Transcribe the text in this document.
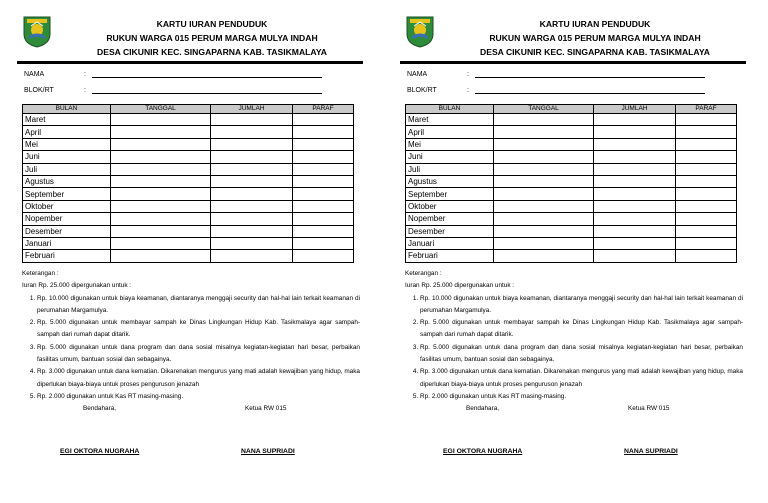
KARTU IURAN PENDUDUK
RUKUN WARGA 015 PERUM MARGA MULYA INDAH
DESA CIKUNIR KEC. SINGAPARNA KAB. TASIKMALAYA
NAMA	:
BLOK/RT	:
BULAN	TANGGAL	JUMLAH	PARAF
Maret			
April			
Mei			
Juni			
Juli			
Agustus			
September			
Oktober			
Nopember			
Desember			
Januari			
Februari			
Keterangan :
Iuran Rp. 25.000 dipergunakan untuk :
1. Rp. 10.000 digunakan untuk biaya keamanan, diantaranya menggaji security dan hal-hal lain terkait keamanan di perumahan Margamulya.
2. Rp. 5.000 digunakan untuk membayar sampah ke Dinas Lingkungan Hidup Kab. Tasikmalaya agar sampah-sampah dari rumah dapat ditarik.
3. Rp. 5.000 digunakan untuk dana program dan dana sosial misalnya kegiatan-kegiatan hari besar, perbaikan fasilitas umum, bantuan sosial dan sebagainya.
4. Rp. 3.000 digunakan untuk dana kematian. Dikarenakan mengurus yang mati adalah kewajiban yang hidup, maka diperlukan biaya-biaya untuk proses penguruson jenazah
5. Rp. 2.000 digunakan untuk Kas RT masing-masing.
Bendahara,	Ketua RW 015
EGI OKTORA NUGRAHA	NANA SUPRIADI
KARTU IURAN PENDUDUK
RUKUN WARGA 015 PERUM MARGA MULYA INDAH
DESA CIKUNIR KEC. SINGAPARNA KAB. TASIKMALAYA
NAMA	:
BLOK/RT	:
BULAN	TANGGAL	JUMLAH	PARAF
Maret			
April			
Mei			
Juni			
Juli			
Agustus			
September			
Oktober			
Nopember			
Desember			
Januari			
Februari			
Keterangan :
Iuran Rp. 25.000 dipergunakan untuk :
1. Rp. 10.000 digunakan untuk biaya keamanan, diantaranya menggaji security dan hal-hal lain terkait keamanan di perumahan Margamulya.
2. Rp. 5.000 digunakan untuk membayar sampah ke Dinas Lingkungan Hidup Kab. Tasikmalaya agar sampah-sampah dari rumah dapat ditarik.
3. Rp. 5.000 digunakan untuk dana program dan dana sosial misalnya kegiatan-kegiatan hari besar, perbaikan fasilitas umum, bantuan sosial dan sebagainya.
4. Rp. 3.000 digunakan untuk dana kematian. Dikarenakan mengurus yang mati adalah kewajiban yang hidup, maka diperlukan biaya-biaya untuk proses penguruson jenazah
5. Rp. 2.000 digunakan untuk Kas RT masing-masing.
Bendahara,	Ketua RW 015
EGI OKTORA NUGRAHA	NANA SUPRIADI
